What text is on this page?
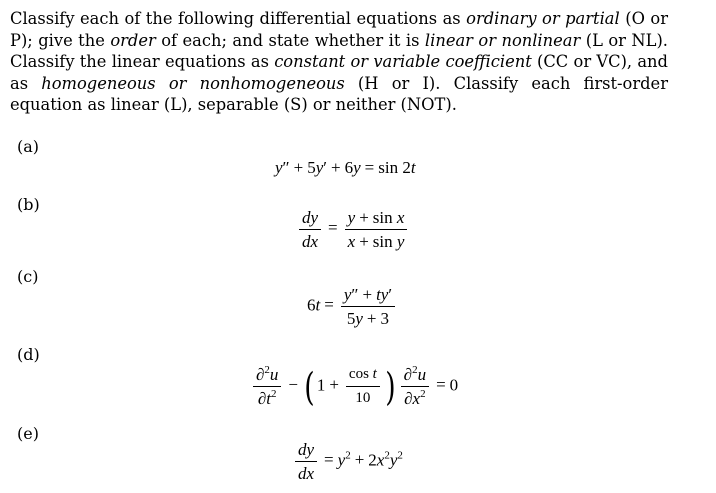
Classify each of the following differential equations as ordinary or partial (O or P); give the order of each; and state whether it is linear or nonlinear (L or NL). Classify the linear equations as constant or variable coefficient (CC or VC), and as homogeneous or nonhomogeneous (H or I). Classify each first-order equation as linear (L), separable (S) or neither (NOT).
(a)
(b)
(c)
(d)
(e)
y″ + 5y′ + 6y = sin 2t
$\frac{dy}{dx} = \frac{\text{y + sin x}}{\text{x + sin y}}$
$6t = \frac{y'' + ty'}{5y + 3}$
$\frac{\partial^2u}{\partial t^2}$ − ( $1 + \frac{\text{cos t}}{10}$ ) $\frac{\partial^2u}{\partial x^2} = 0$
$\frac{dy}{dx} = y^2 + 2x^2y^2$
